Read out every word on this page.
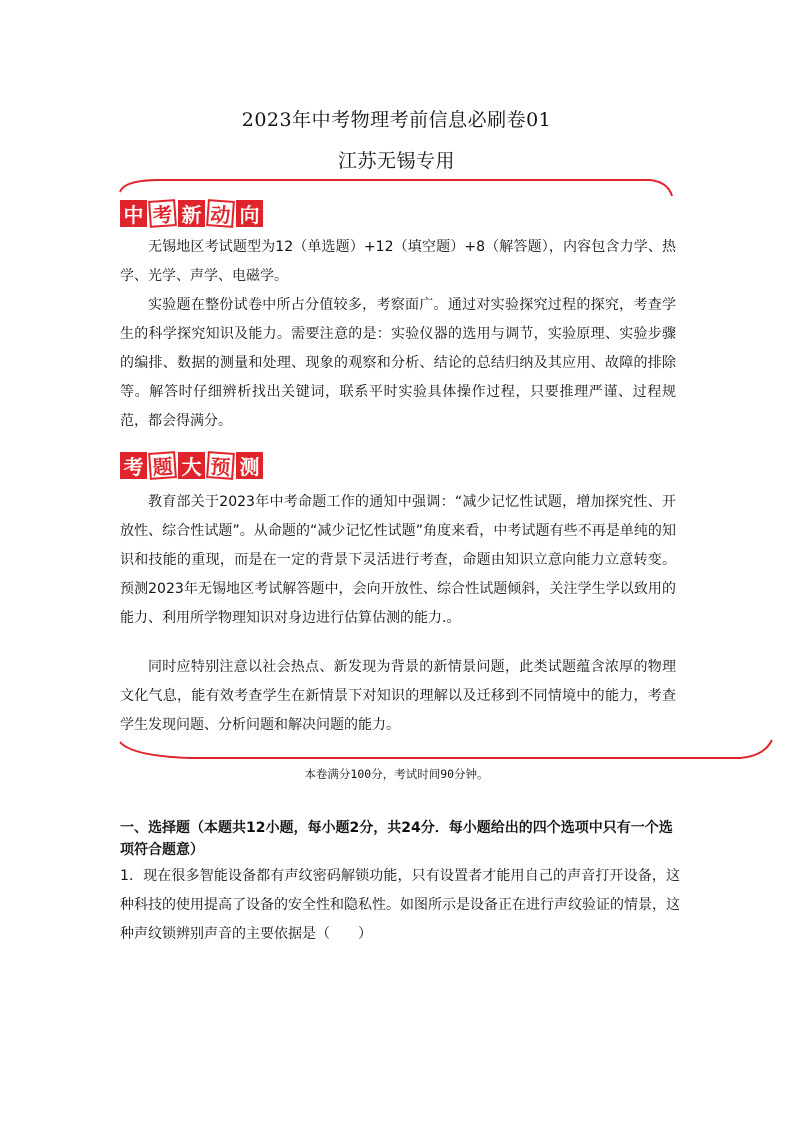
2023年中考物理考前信息必刷卷01
江苏无锡专用
中 考 新 动 向
无锡地区考试题型为12（单选题）+12（填空题）+8（解答题），内容包含力学、热学、光学、声学、电磁学。
实验题在整份试卷中所占分值较多，考察面广。通过对实验探究过程的探究，考查学生的科学探究知识及能力。需要注意的是：实验仪器的选用与调节，实验原理、实验步骤的编排、数据的测量和处理、现象的观察和分析、结论的总结归纳及其应用、故障的排除等。解答时仔细辨析找出关键词，联系平时实验具体操作过程，只要推理严谨、过程规范，都会得满分。
考 题 大 预 测
教育部关于2023年中考命题工作的通知中强调：“减少记忆性试题，增加探究性、开放性、综合性试题”。从命题的“减少记忆性试题”角度来看，中考试题有些不再是单纯的知识和技能的重现，而是在一定的背景下灵活进行考查，命题由知识立意向能力立意转变。预测2023年无锡地区考试解答题中，会向开放性、综合性试题倾斜，关注学生学以致用的能力、利用所学物理知识对身边进行估算估测的能力.。
同时应特别注意以社会热点、新发现为背景的新情景问题，此类试题蕴含浓厚的物理文化气息，能有效考查学生在新情景下对知识的理解以及迁移到不同情境中的能力，考查学生发现问题、分析问题和解决问题的能力。
本卷满分100分，考试时间90分钟。
一、选择题（本题共12小题，每小题2分，共24分．每小题给出的四个选项中只有一个选项符合题意）
1．现在很多智能设备都有声纹密码解锁功能，只有设置者才能用自己的声音打开设备，这种科技的使用提高了设备的安全性和隐私性。如图所示是设备正在进行声纹验证的情景，这种声纹锁辨别声音的主要依据是（　　）
